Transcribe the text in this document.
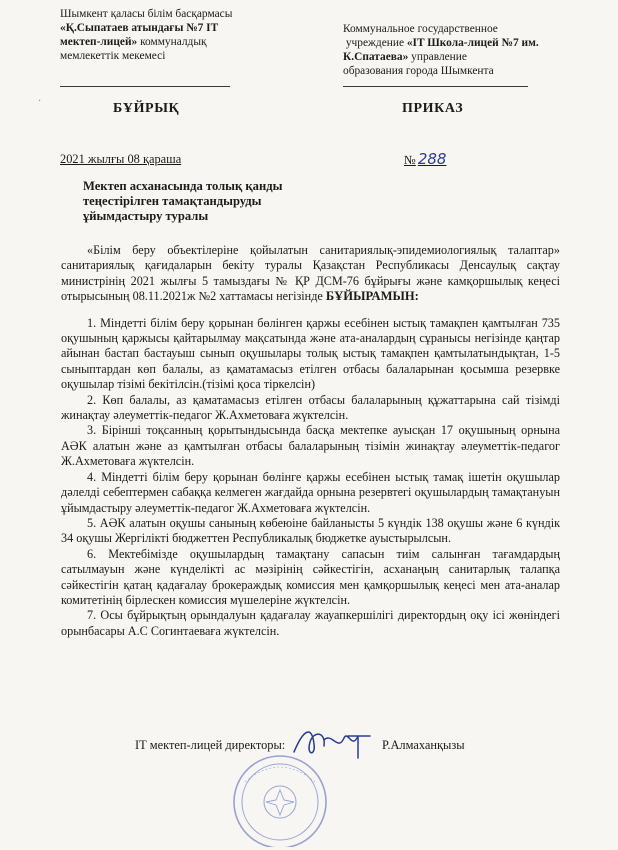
Шымкент қаласы білім басқармасы
«Қ.Сыпатаев атындағы №7 ІТ
мектеп-лицей» коммуналдық
мемлекеттік мекемесі
Коммунальное государственное
учреждение «IT Школа-лицей №7 им.
К.Спатаева» управление
образования города Шымкента
·	БҰЙРЫҚ	ПРИКАЗ
2021 жылғы 08 қараша	№ 288
Мектеп асханасында толық қанды
теңестірілген тамақтандыруды
ұйымдастыру туралы

«Білім беру объектілеріне қойылатын санитариялық-эпидемиологиялық талаптар» санитариялық қағидаларын бекіту туралы Қазақстан Республикасы Денсаулық сақтау министрінің 2021 жылғы 5 тамыздағы № ҚР ДСМ-76 бұйрығы және камқоршылық кеңесі отырысының 08.11.2021ж №2 хаттамасы негізінде БҰЙЫРАМЫН:

1. Міндетті білім беру қорынан бөлінген қаржы есебінен ыстық тамақпен қамтылған 735 оқушының қаржысы қайтарылмау мақсатында және ата-аналардың сұранысы негізінде қаңтар айынан бастап бастауыш сынып оқушылары толық ыстық тамақпен қамтылатындықтан, 1-5 сыныптардан көп балалы, аз қаматамасыз етілген отбасы балаларынан қосымша резервке оқушылар тізімі бекітілсін.(тізімі қоса тіркелсін)

2. Көп балалы, аз қаматамасыз етілген отбасы балаларының құжаттарына сай тізімді жинақтау әлеуметтік-педагог Ж.Ахметоваға жүктелсін.

3. Бірінші тоқсанның қорытындысында басқа мектепке ауысқан 17 оқушының орнына АӘК алатын және аз қамтылған отбасы балаларының тізімін жинақтау әлеуметтік-педагог Ж.Ахметоваға жүктелсін.

4. Міндетті білім беру қорынан бөлінге қаржы есебінен ыстық тамақ ішетін оқушылар дәлелді себептермен сабаққа келмеген жағдайда орнына резервтегі оқушылардың тамақтануын ұйымдастыру әлеуметтік-педагог Ж.Ахметоваға жүктелсін.

5. АӘК алатын оқушы санының көбеюіне байланысты 5 күндік 138 оқушы және 6 күндік 34 оқушы Жергілікті бюджеттен Республикалық бюджетке ауыстырылсын.

6. Мектебімізде оқушылардың тамақтану сапасын тиім салынған тағамдардың сатылмауын және күнделікті ас мәзірінің сәйкестігін, асханаңың санитарлық талапқа сәйкестігін қатаң қадағалау брокераждық комиссия мен қамқоршылық кеңесі мен ата-аналар комитетінің бірлескен комиссия мүшелеріне жүктелсін.

7. Осы бұйрықтың орындалуын қадағалау жауапкершілігі директордың оқу ісі жөніндегі орынбасары А.С Согинтаеваға жүктелсін.

ІТ мектеп-лицей директоры:	Р.Алмаханқызы
